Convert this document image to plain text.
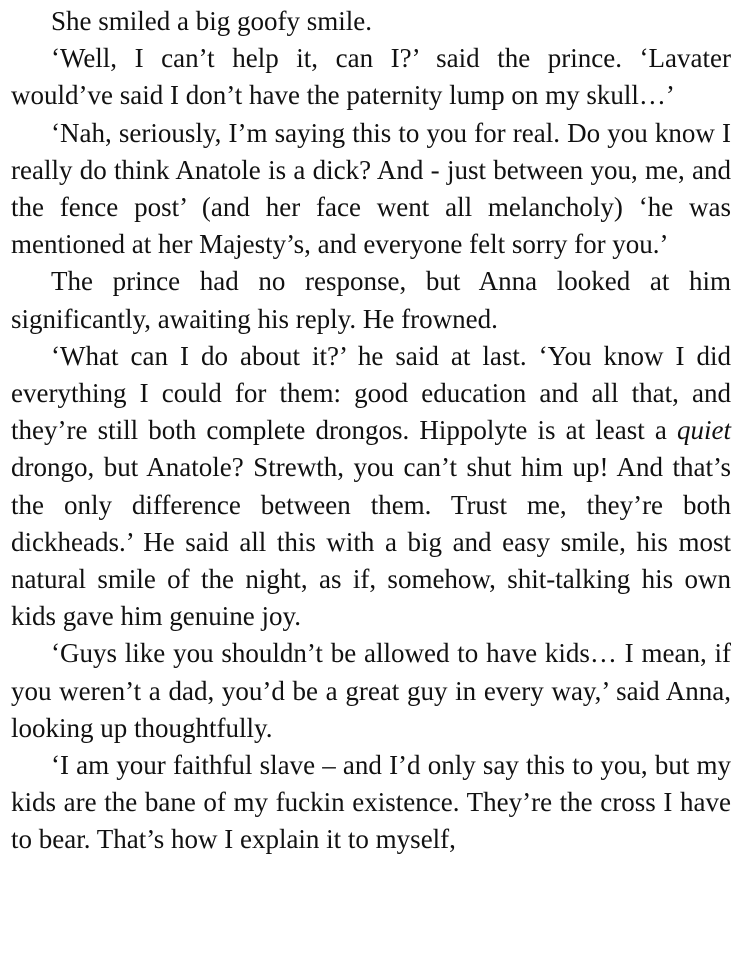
She smiled a big goofy smile.

‘Well, I can’t help it, can I?’ said the prince. ‘Lavater would’ve said I don’t have the paternity lump on my skull…’

‘Nah, seriously, I’m saying this to you for real. Do you know I really do think Anatole is a dick? And - just between you, me, and the fence post’ (and her face went all melancholy) ‘he was mentioned at her Majesty’s, and everyone felt sorry for you.’

The prince had no response, but Anna looked at him significantly, awaiting his reply. He frowned.

‘What can I do about it?’ he said at last. ‘You know I did everything I could for them: good education and all that, and they’re still both complete drongos. Hippolyte is at least a quiet drongo, but Anatole? Strewth, you can’t shut him up! And that’s the only difference between them. Trust me, they’re both dickheads.’ He said all this with a big and easy smile, his most natural smile of the night, as if, somehow, shit-talking his own kids gave him genuine joy.

‘Guys like you shouldn’t be allowed to have kids… I mean, if you weren’t a dad, you’d be a great guy in every way,’ said Anna, looking up thoughtfully.

‘I am your faithful slave – and I’d only say this to you, but my kids are the bane of my fuckin existence. They’re the cross I have to bear. That’s how I explain it to myself,
